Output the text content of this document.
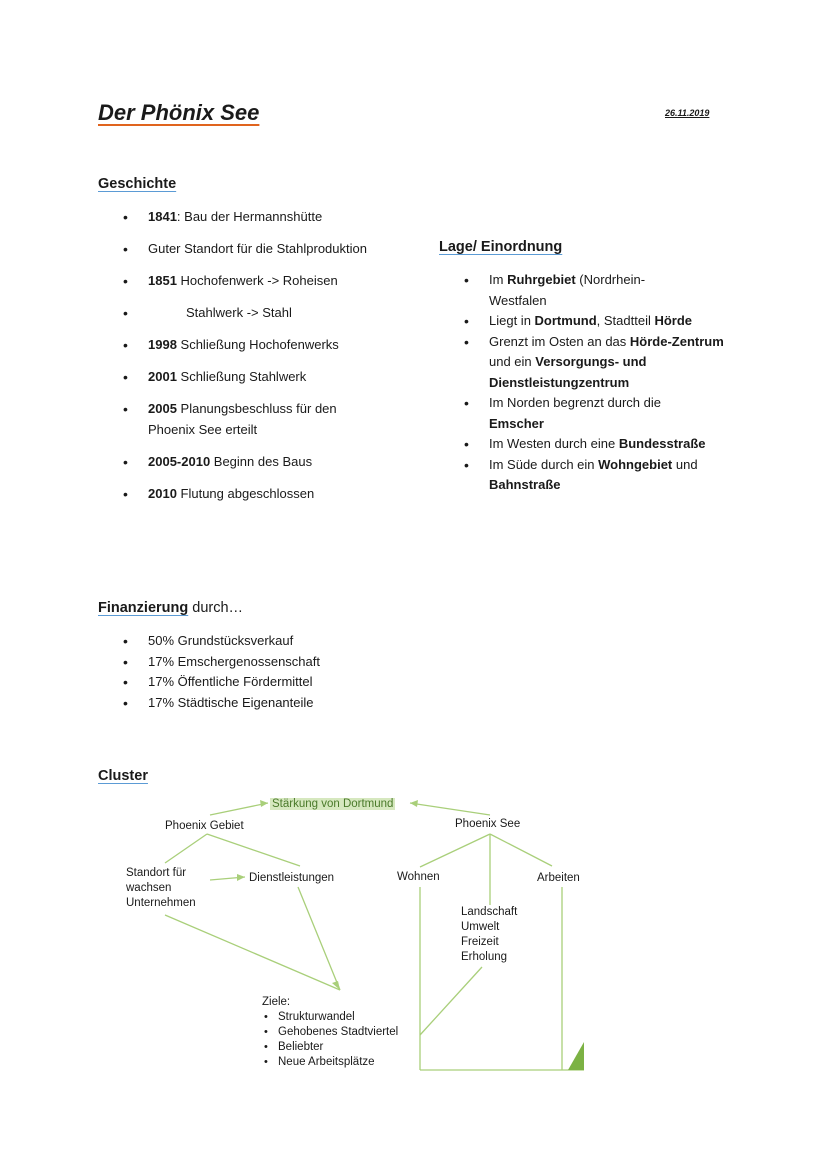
Der Phönix See	26.11.2019
Geschichte
• 1841: Bau der Hermannshütte
• Guter Standort für die Stahlproduktion
• 1851 Hochofenwerk -> Roheisen
• Stahlwerk -> Stahl
• 1998 Schließung Hochofenwerks
• 2001 Schließung Stahlwerk
• 2005 Planungsbeschluss für den Phoenix See erteilt
• 2005-2010 Beginn des Baus
• 2010 Flutung abgeschlossen
Lage/ Einordnung
• Im Ruhrgebiet (Nordrhein-Westfalen
• Liegt in Dortmund, Stadtteil Hörde
• Grenzt im Osten an das Hörde-Zentrum und ein Versorgungs- und Dienstleistungzentrum
• Im Norden begrenzt durch die Emscher
• Im Westen durch eine Bundesstraße
• Im Süde durch ein Wohngebiet und Bahnstraße
Finanzierung durch…
• 50% Grundstücksverkauf
• 17% Emschergenossenschaft
• 17% Öffentliche Fördermittel
• 17% Städtische Eigenanteile
Cluster
Stärkung von Dortmund
Phoenix Gebiet	Phoenix See
Standort für wachsen Unternehmen
Dienstleistungen	Wohnen	Arbeiten
Landschaft
Umwelt
Freizeit
Erholung
Ziele:
• Strukturwandel
• Gehobenes Stadtviertel
• Beliebter
• Neue Arbeitsplätze
